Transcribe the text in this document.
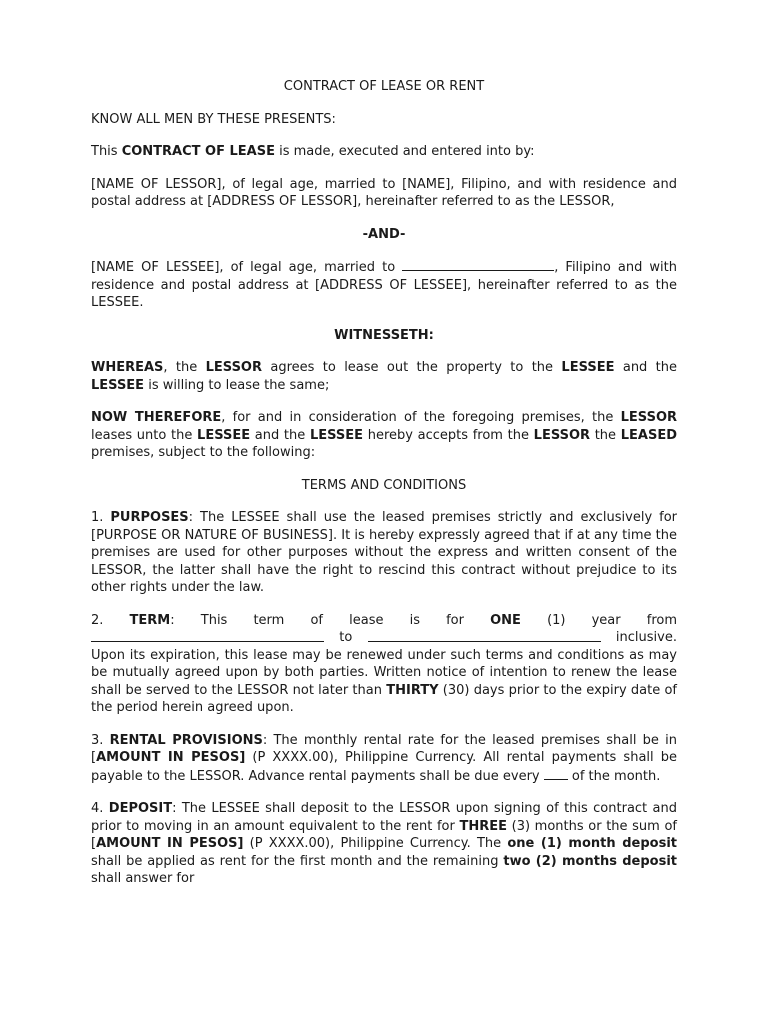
CONTRACT OF LEASE OR RENT

KNOW ALL MEN BY THESE PRESENTS:

This CONTRACT OF LEASE is made, executed and entered into by:

[NAME OF LESSOR], of legal age, married to [NAME], Filipino, and with residence and postal address at [ADDRESS OF LESSOR], hereinafter referred to as the LESSOR,

-AND-

[NAME OF LESSEE], of legal age, married to	, Filipino and with residence and postal address at [ADDRESS OF LESSEE], hereinafter referred to as the LESSEE.

WITNESSETH:

WHEREAS, the LESSOR agrees to lease out the property to the LESSEE and the LESSEE is willing to lease the same;

NOW THEREFORE, for and in consideration of the foregoing premises, the LESSOR leases unto the LESSEE and the LESSEE hereby accepts from the LESSOR the LEASED premises, subject to the following:

TERMS AND CONDITIONS

1. PURPOSES: The LESSEE shall use the leased premises strictly and exclusively for [PURPOSE OR NATURE OF BUSINESS]. It is hereby expressly agreed that if at any time the premises are used for other purposes without the express and written consent of the LESSOR, the latter shall have the right to rescind this contract without prejudice to its other rights under the law.

2. TERM: This term of lease is for ONE (1) year from
to	inclusive.
Upon its expiration, this lease may be renewed under such terms and conditions as may be mutually agreed upon by both parties. Written notice of intention to renew the lease shall be served to the LESSOR not later than THIRTY (30) days prior to the expiry date of the period herein agreed upon.

3. RENTAL PROVISIONS: The monthly rental rate for the leased premises shall be in [AMOUNT IN PESOS] (P XXXX.00), Philippine Currency. All rental payments shall be payable to the LESSOR. Advance rental payments shall be due every  of the month.

4. DEPOSIT: The LESSEE shall deposit to the LESSOR upon signing of this contract and prior to moving in an amount equivalent to the rent for THREE (3) months or the sum of [AMOUNT IN PESOS] (P XXXX.00), Philippine Currency. The one (1) month deposit shall be applied as rent for the first month and the remaining two (2) months deposit shall answer for
